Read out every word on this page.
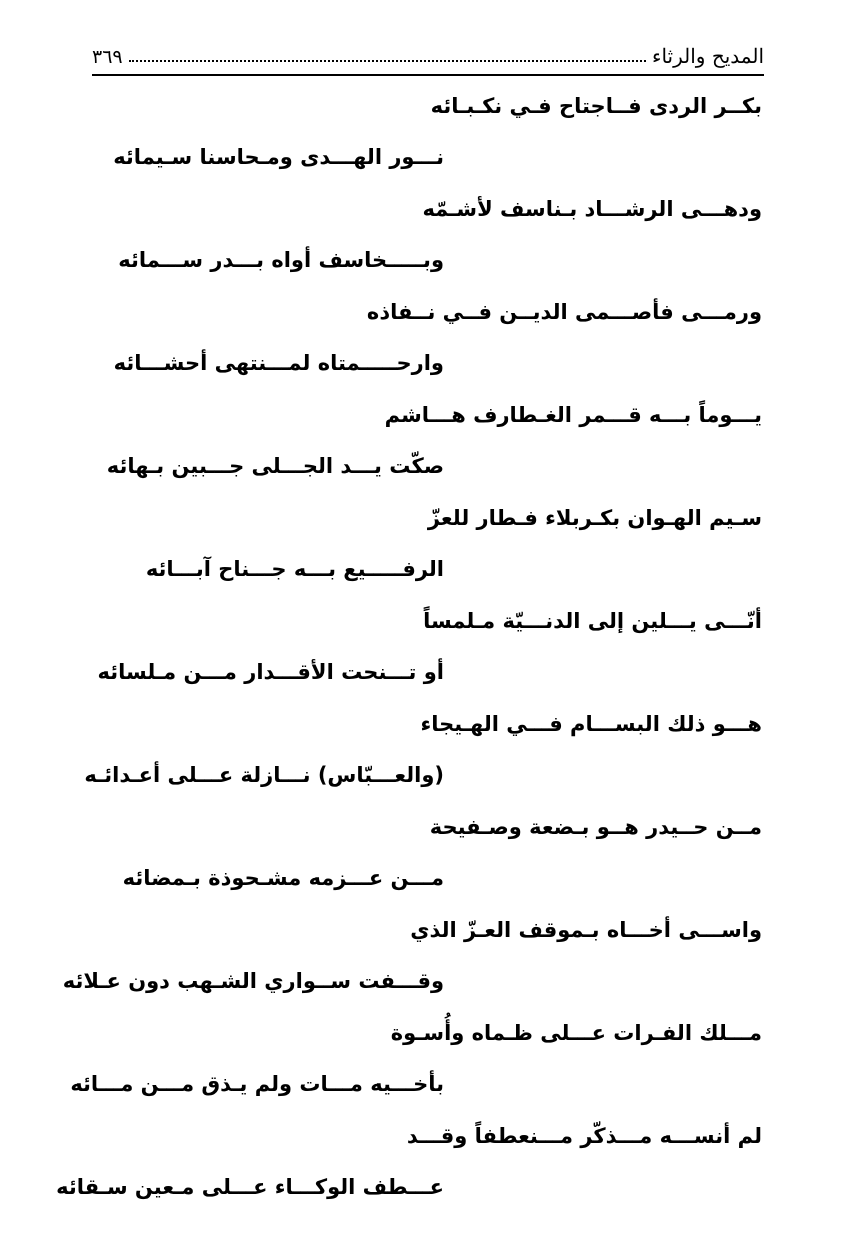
المديح والرثاء
٣٦٩
بكــر الردى فــاجتاح فـي نكـبـائه
نـــور الهـــدى ومـحاسنا سـيمائه
ودهـــى الرشـــاد بـناسف لأشـمّه
وبـــــخاسف أواه بـــدر ســـمائه
ورمـــى فأصـــمى الديــن فــي نــفاذه
وارحـــــمتاه لمـــنتهى أحشـــائه
يـــوماً بـــه قـــمر الغـطارف هـــاشم
صكّت يـــد الجـــلى جـــبين بـهائه
سـيم الهـوان بكـربلاء فـطار للعزّ
الرفـــــيع بـــه جـــناح آبـــائه
أنّـــى يـــلين إلى الدنـــيّة مـلمساً
أو تـــنحت الأقـــدار مـــن مـلسائه
هـــو ذلك البســـام فـــي الهـيجاء
(والعـــبّاس) نـــازلة عـــلى أعـدائـه
مــن حــيدر هــو بـضعة وصـفيحة
مـــن عـــزمه مشـحوذة بـمضائه
واســـى أخـــاه بـموقف العـزّ الذي
وقـــفت ســواري الشـهب دون عـلائه
مـــلك الفـرات عـــلى ظـماه وأُسـوة
بأخـــيه مـــات ولم يـذق مـــن مـــائه
لم أنســـه مـــذكّر مـــنعطفاً وقـــد
عـــطف الوكـــاء عـــلى مـعين سـقائه
